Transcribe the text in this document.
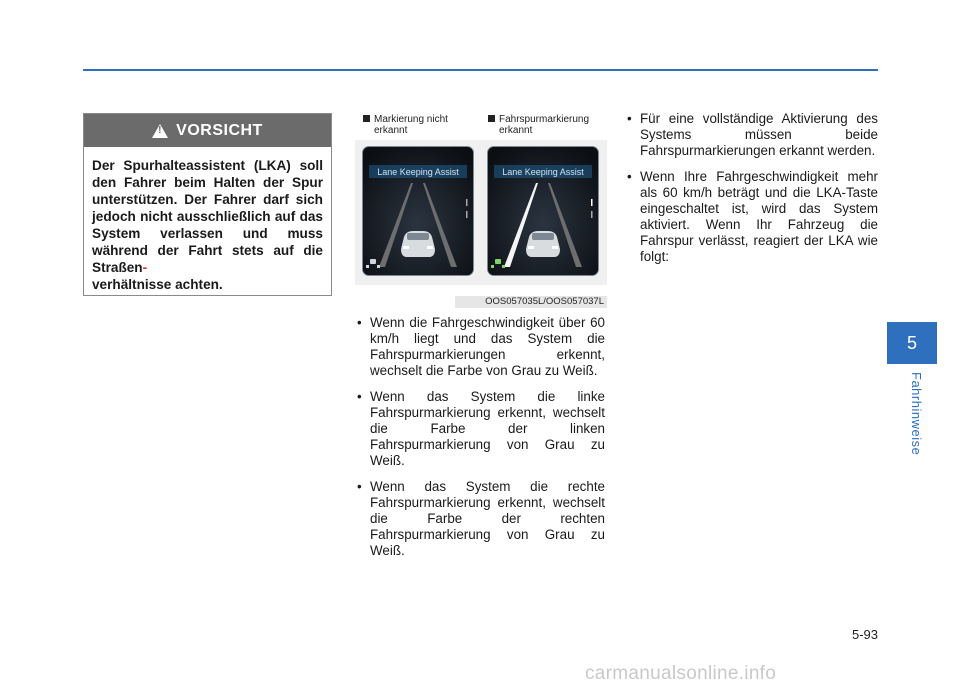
!
VORSICHT
Der Spurhalteassistent (LKA) soll den Fahrer beim Halten der Spur unterstützen. Der Fahrer darf sich jedoch nicht ausschließlich auf das System verlassen und muss während der Fahrt stets auf die Straßen-
verhältnisse achten.
Markierung nicht
erkannt
Fahrspurmarkierung
erkannt
Lane Keeping Assist	Lane Keeping Assist
OOS057035L/OOS057037L
• Wenn die Fahrgeschwindigkeit über 60 km/h liegt und das System die Fahrspurmarkierungen erkennt, wechselt die Farbe von Grau zu Weiß.
• Wenn das System die linke Fahrspurmarkierung erkennt, wechselt die Farbe der linken Fahrspurmarkierung von Grau zu Weiß.
• Wenn das System die rechte Fahrspurmarkierung erkennt, wechselt die Farbe der rechten Fahrspurmarkierung von Grau zu Weiß.
• Für eine vollständige Aktivierung des Systems müssen beide Fahrspurmarkierungen erkannt werden.
• Wenn Ihre Fahrgeschwindigkeit mehr als 60 km/h beträgt und die LKA-Taste eingeschaltet ist, wird das System aktiviert. Wenn Ihr Fahrzeug die Fahrspur verlässt, reagiert der LKA wie folgt:
5
Fahrhinweise
5-93
carmanualsonline.info
